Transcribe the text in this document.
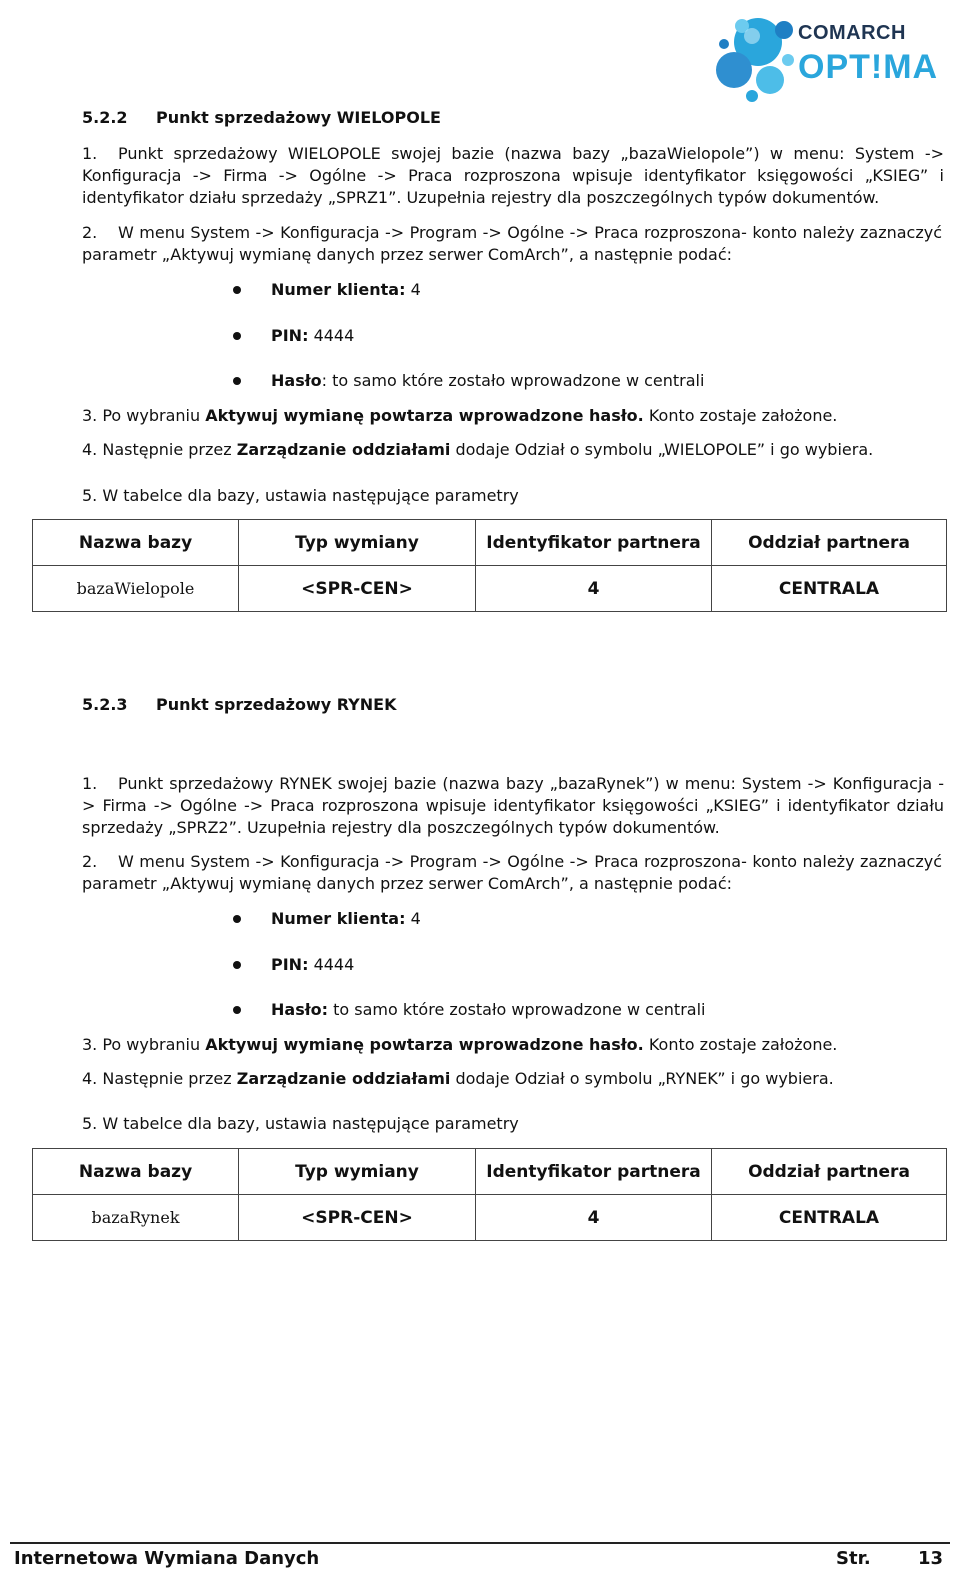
COMARCH
OPT!MA
5.2.2 Punkt sprzedażowy WIELOPOLE
1. Punkt sprzedażowy WIELOPOLE swojej bazie (nazwa bazy „bazaWielopole”) w menu: System -> Konfiguracja -> Firma -> Ogólne -> Praca rozproszona wpisuje identyfikator księgowości „KSIEG” i identyfikator działu sprzedaży „SPRZ1”. Uzupełnia rejestry dla poszczególnych typów dokumentów.
2. W menu System -> Konfiguracja -> Program -> Ogólne -> Praca rozproszona- konto należy zaznaczyć parametr „Aktywuj wymianę danych przez serwer ComArch”, a następnie podać:
Numer klienta: 4
PIN: 4444
Hasło: to samo które zostało wprowadzone w centrali
3. Po wybraniu Aktywuj wymianę powtarza wprowadzone hasło. Konto zostaje założone.
4. Następnie przez Zarządzanie oddziałami dodaje Odział o symbolu „WIELOPOLE” i go wybiera.
5. W tabelce dla bazy, ustawia następujące parametry
Nazwa bazy	Typ wymiany	Identyfikator partnera	Oddział partnera
bazaWielopole	<SPR-CEN>	4	CENTRALA
5.2.3 Punkt sprzedażowy RYNEK
1. Punkt sprzedażowy RYNEK swojej bazie (nazwa bazy „bazaRynek”) w menu: System -> Konfiguracja -> Firma -> Ogólne -> Praca rozproszona wpisuje identyfikator księgowości „KSIEG” i identyfikator działu sprzedaży „SPRZ2”. Uzupełnia rejestry dla poszczególnych typów dokumentów.
2. W menu System -> Konfiguracja -> Program -> Ogólne -> Praca rozproszona- konto należy zaznaczyć parametr „Aktywuj wymianę danych przez serwer ComArch”, a następnie podać:
Numer klienta: 4
PIN: 4444
Hasło: to samo które zostało wprowadzone w centrali
3. Po wybraniu Aktywuj wymianę powtarza wprowadzone hasło. Konto zostaje założone.
4. Następnie przez Zarządzanie oddziałami dodaje Odział o symbolu „RYNEK” i go wybiera.
5. W tabelce dla bazy, ustawia następujące parametry
Nazwa bazy	Typ wymiany	Identyfikator partnera	Oddział partnera
bazaRynek	<SPR-CEN>	4	CENTRALA
Internetowa Wymiana Danych	Str.	13
